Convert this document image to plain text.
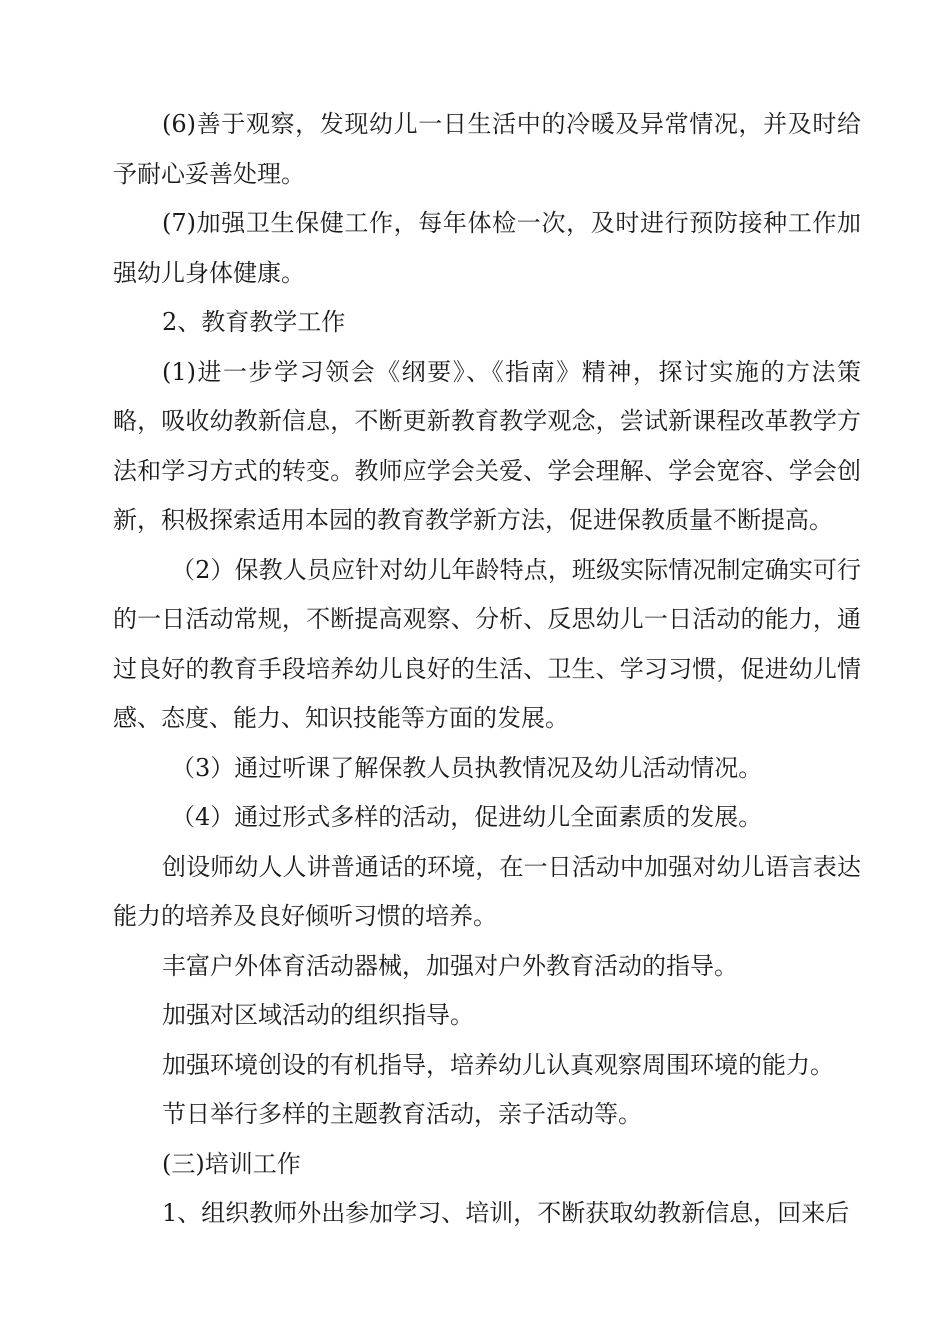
(6)善于观察，发现幼儿一日生活中的冷暖及异常情况，并及时给予耐心妥善处理。

(7)加强卫生保健工作，每年体检一次，及时进行预防接种工作加强幼儿身体健康。

2、教育教学工作

(1)进一步学习领会《纲要》、《指南》精神，探讨实施的方法策略，吸收幼教新信息，不断更新教育教学观念，尝试新课程改革教学方法和学习方式的转变。教师应学会关爱、学会理解、学会宽容、学会创新，积极探索适用本园的教育教学新方法，促进保教质量不断提高。

（2）保教人员应针对幼儿年龄特点，班级实际情况制定确实可行的一日活动常规，不断提高观察、分析、反思幼儿一日活动的能力，通过良好的教育手段培养幼儿良好的生活、卫生、学习习惯，促进幼儿情感、态度、能力、知识技能等方面的发展。

（3）通过听课了解保教人员执教情况及幼儿活动情况。

（4）通过形式多样的活动，促进幼儿全面素质的发展。

创设师幼人人讲普通话的环境，在一日活动中加强对幼儿语言表达能力的培养及良好倾听习惯的培养。

丰富户外体育活动器械，加强对户外教育活动的指导。

加强对区域活动的组织指导。

加强环境创设的有机指导，培养幼儿认真观察周围环境的能力。

节日举行多样的主题教育活动，亲子活动等。

(三)培训工作

1、组织教师外出参加学习、培训，不断获取幼教新信息，回来后
